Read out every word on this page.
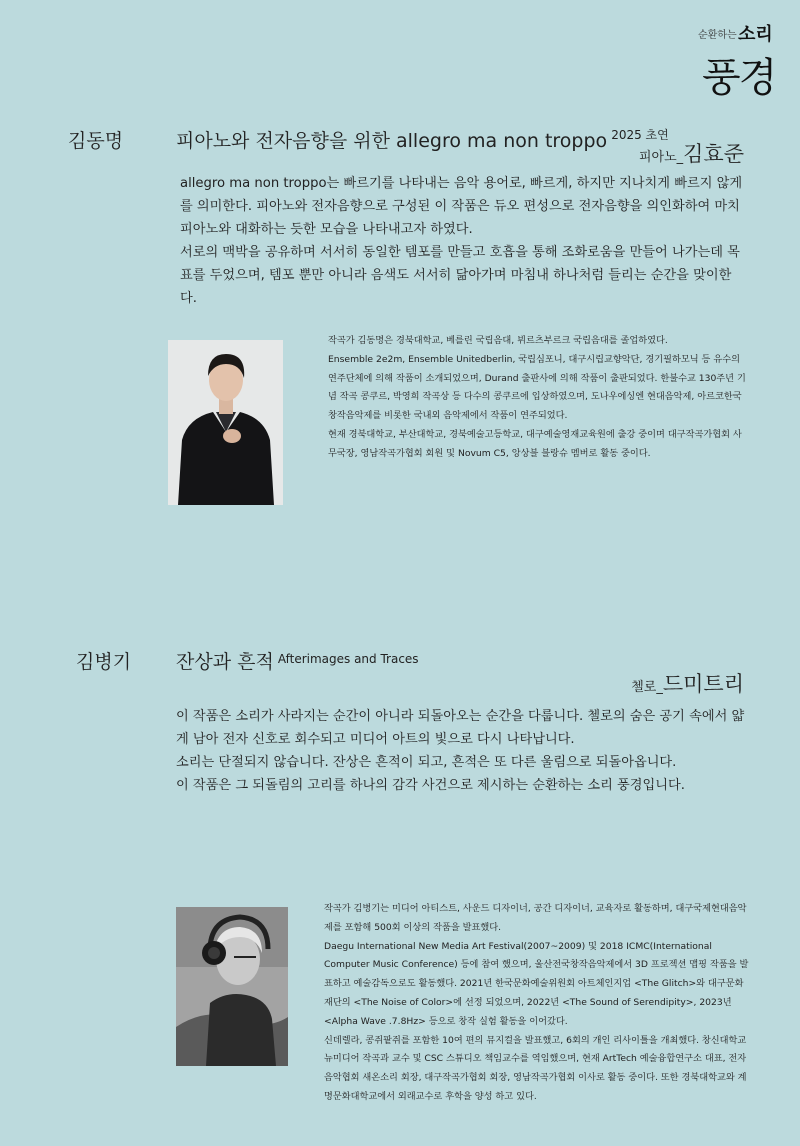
순환하는 소리
풍경
김동명	피아노와 전자음향을 위한 allegro ma non troppo $^{2025 초연}$
피아노_김효준

allegro ma non troppo는 빠르기를 나타내는 음악 용어로, 빠르게, 하지만 지나치게 빠르지 않게를 의미한다. 피아노와 전자음향으로 구성된 이 작품은 듀오 편성으로 전자음향을 의인화하여 마치 피아노와 대화하는 듯한 모습을 나타내고자 하였다.

서로의 맥박을 공유하며 서서히 동일한 템포를 만들고 호흡을 통해 조화로움을 만들어 나가는데 목표를 두었으며, 템포 뿐만 아니라 음색도 서서히 닮아가며 마침내 하나처럼 들리는 순간을 맞이한다.

작곡가 김동명은 경북대학교, 베를린 국립음대, 뷔르츠부르크 국립음대를 졸업하였다.

Ensemble 2e2m, Ensemble Unitedberlin, 국립심포니, 대구시립교향악단, 경기필하모닉 등 유수의 연주단체에 의해 작품이 소개되었으며, Durand 출판사에 의해 작품이 출판되었다. 한불수교 130주년 기념 작곡 콩쿠르, 박영희 작곡상 등 다수의 콩쿠르에 입상하였으며, 도나우에싱엔 현대음악제, 아르코한국창작음악제를 비롯한 국내외 음악제에서 작품이 연주되었다.

현재 경북대학교, 부산대학교, 경북예술고등학교, 대구예술영재교육원에 출강 중이며 대구작곡가협회 사무국장, 영남작곡가협회 회원 및 Novum C5, 앙상블 블랑슈 멤버로 활동 중이다.

김병기 잔상과 흔적 $^{Afterimages and Traces}$
첼로_드미트리

이 작품은 소리가 사라지는 순간이 아니라 되돌아오는 순간을 다룹니다. 첼로의 숨은 공기 속에서 얇게 남아 전자 신호로 회수되고 미디어 아트의 빛으로 다시 나타납니다.

소리는 단절되지 않습니다. 잔상은 흔적이 되고, 흔적은 또 다른 울림으로 되돌아옵니다.

이 작품은 그 되돌림의 고리를 하나의 감각 사건으로 제시하는 순환하는 소리 풍경입니다.

작곡가 김병기는 미디어 아티스트, 사운드 디자이너, 공간 디자이너, 교육자로 활동하며, 대구국제현대음악제를 포함해 500회 이상의 작품을 발표했다.

Daegu International New Media Art Festival(2007~2009) 및 2018 ICMC(International Computer Music Conference) 등에 참여 했으며, 울산전국창작음악제에서 3D 프로젝션 맵핑 작품을 발표하고 예술감독으로도 활동했다. 2021년 한국문화예술위원회 아트체인지업 <The Glitch>와 대구문화재단의 <The Noise of Color>에 선정 되었으며, 2022년 <The Sound of Serendipity>, 2023년 <Alpha Wave .7.8Hz> 등으로 창작 실험 활동을 이어갔다.

신데렐라, 콩쥐팥쥐를 포함한 10여 편의 뮤지컬을 발표했고, 6회의 개인 리사이틀을 개최했다. 창신대학교 뉴미디어 작곡과 교수 및 CSC 스튜디오 책임교수를 역임했으며, 현재 ArtTech 예술융합연구소 대표, 전자음악협회 새온소리 회장, 대구작곡가협회 회장, 영남작곡가협회 이사로 활동 중이다. 또한 경북대학교와 계명문화대학교에서 외래교수로 후학을 양성 하고 있다.
